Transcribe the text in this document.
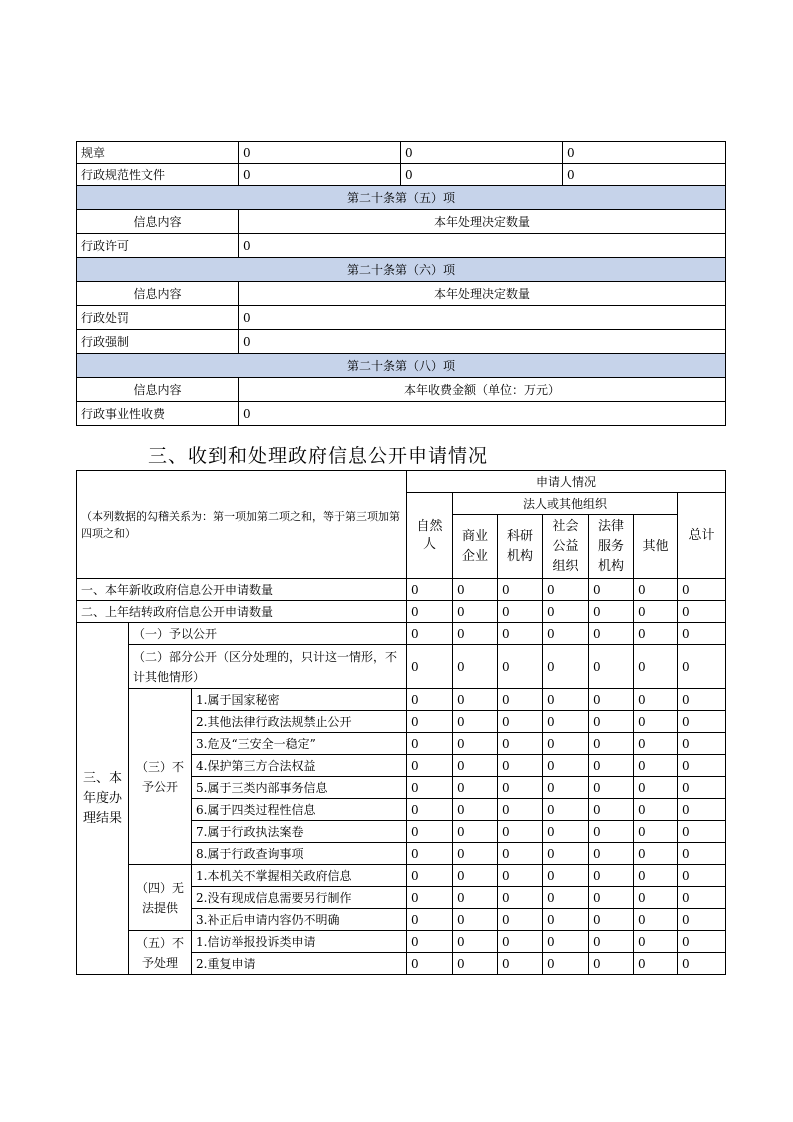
规章	0	0	0
行政规范性文件	0	0	0
第二十条第（五）项			
信息内容	本年处理决定数量		
行政许可	0		
第二十条第（六）项			
信息内容	本年处理决定数量		
行政处罚	0		
行政强制	0		
第二十条第（八）项			
信息内容	本年收费金额（单位：万元）		
行政事业性收费	0		
三、收到和处理政府信息公开申请情况
（本列数据的勾稽关系为：第一项加第二项之和，等于第三项加第四项之和）			申请人情况						
			自然人	法人或其他组织					总计
				商业企业	科研机构	社会公益组织	法律服务机构	其他	

一、本年新收政府信息公开申请数量			0	0	0	0	0	0	0
二、上年结转政府信息公开申请数量			0	0	0	0	0	0	0
三、本年度办理结果	（一）予以公开		0	0	0	0	0	0	0
	（二）部分公开（区分处理的，只计这一情形，不计其他情形）		0	0	0	0	0	0	0
	（三）不予公开	1.属于国家秘密	0	0	0	0	0	0	0
		2.其他法律行政法规禁止公开	0	0	0	0	0	0	0
		3.危及“三安全一稳定”	0	0	0	0	0	0	0
		4.保护第三方合法权益	0	0	0	0	0	0	0
		5.属于三类内部事务信息	0	0	0	0	0	0	0
		6.属于四类过程性信息	0	0	0	0	0	0	0
		7.属于行政执法案卷	0	0	0	0	0	0	0
		8.属于行政查询事项	0	0	0	0	0	0	0
	（四）无法提供	1.本机关不掌握相关政府信息	0	0	0	0	0	0	0
		2.没有现成信息需要另行制作	0	0	0	0	0	0	0
		3.补正后申请内容仍不明确	0	0	0	0	0	0	0
	（五）不予处理	1.信访举报投诉类申请	0	0	0	0	0	0	0
		2.重复申请	0	0	0	0	0	0	0
